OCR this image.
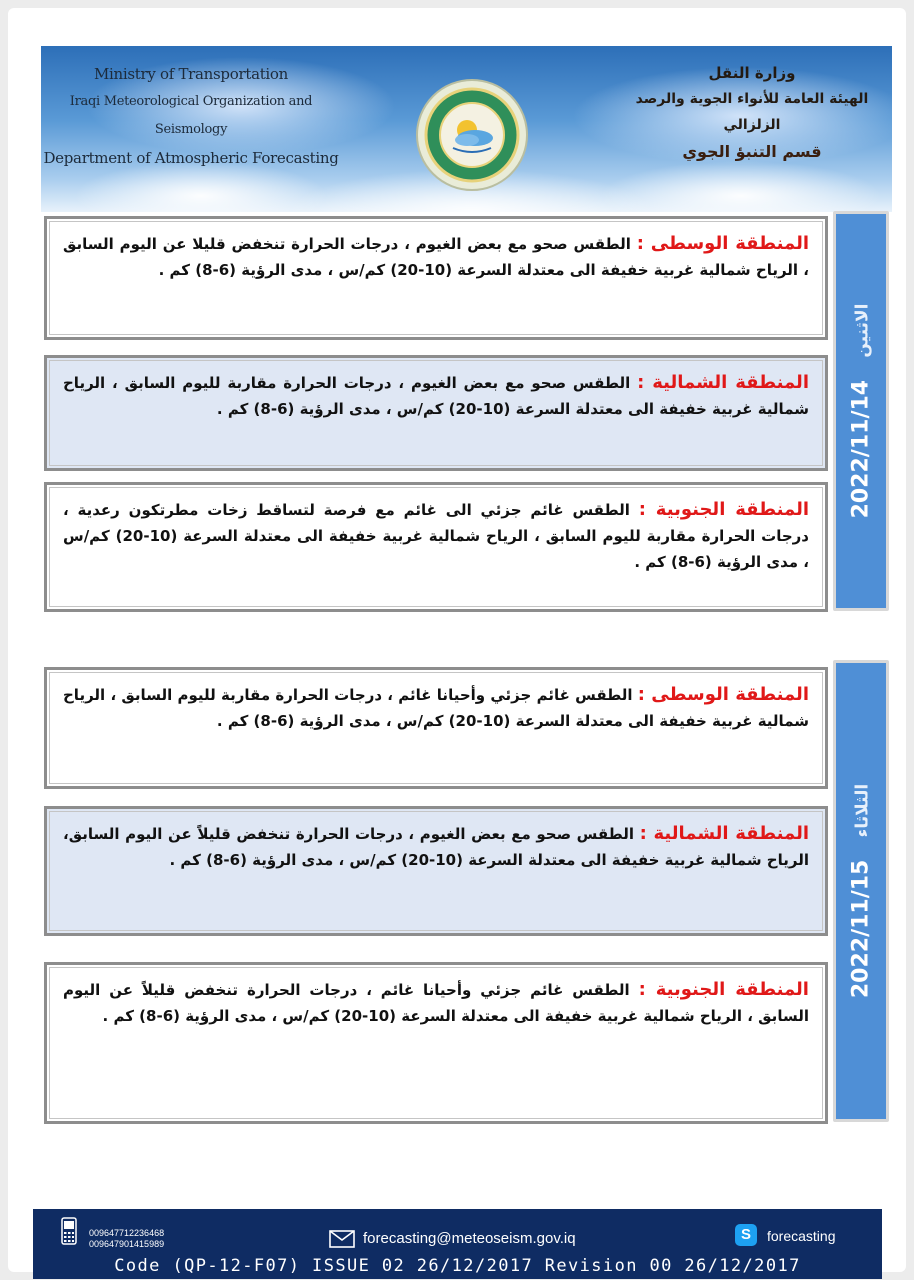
Ministry of Transportation
Iraqi Meteorological Organization and Seismology
Department of Atmospheric Forecasting
وزارة النقل
الهيئة العامة للأنواء الجوية والرصد الزلزالي
قسم التنبؤ الجوي
الاثنين    2022/11/14
المنطقة الوسطى : الطقس صحو مع بعض الغيوم ، درجات الحرارة تنخفض قليلا عن اليوم السابق ، الرياح شمالية غربية خفيفة الى معتدلة السرعة (10-20) كم/س ، مدى الرؤية (6-8) كم .
المنطقة الشمالية : الطقس صحو مع بعض الغيوم ، درجات الحرارة مقاربة لليوم السابق ، الرياح شمالية غربية خفيفة الى معتدلة السرعة (10-20) كم/س ، مدى الرؤية (6-8) كم .
المنطقة الجنوبية : الطقس غائم جزئي الى غائم مع فرصة لتساقط زخات مطرتكون رعدية ، درجات الحرارة مقاربة لليوم السابق ، الرياح شمالية غربية خفيفة الى معتدلة السرعة (10-20) كم/س ، مدى الرؤية (6-8) كم .
الثلاثاء    2022/11/15
المنطقة الوسطى : الطقس غائم جزئي وأحيانا غائم ، درجات الحرارة مقاربة لليوم السابق ، الرياح شمالية غربية خفيفة الى معتدلة السرعة (10-20) كم/س ، مدى الرؤية (6-8) كم .
المنطقة الشمالية : الطقس صحو مع بعض الغيوم ، درجات الحرارة تنخفض قليلاً عن اليوم السابق، الرياح شمالية غربية خفيفة الى معتدلة السرعة (10-20) كم/س ، مدى الرؤية (6-8) كم .
المنطقة الجنوبية : الطقس غائم جزئي وأحيانا غائم ، درجات الحرارة تنخفض قليلاً عن اليوم السابق ، الرياح شمالية غربية خفيفة الى معتدلة السرعة (10-20) كم/س ، مدى الرؤية (6-8) كم .
009647712236468
009647901415989	forecasting@meteoseism.gov.iq	S	forecasting
Code (QP-12-F07) ISSUE 02 26/12/2017 Revision 00 26/12/2017
